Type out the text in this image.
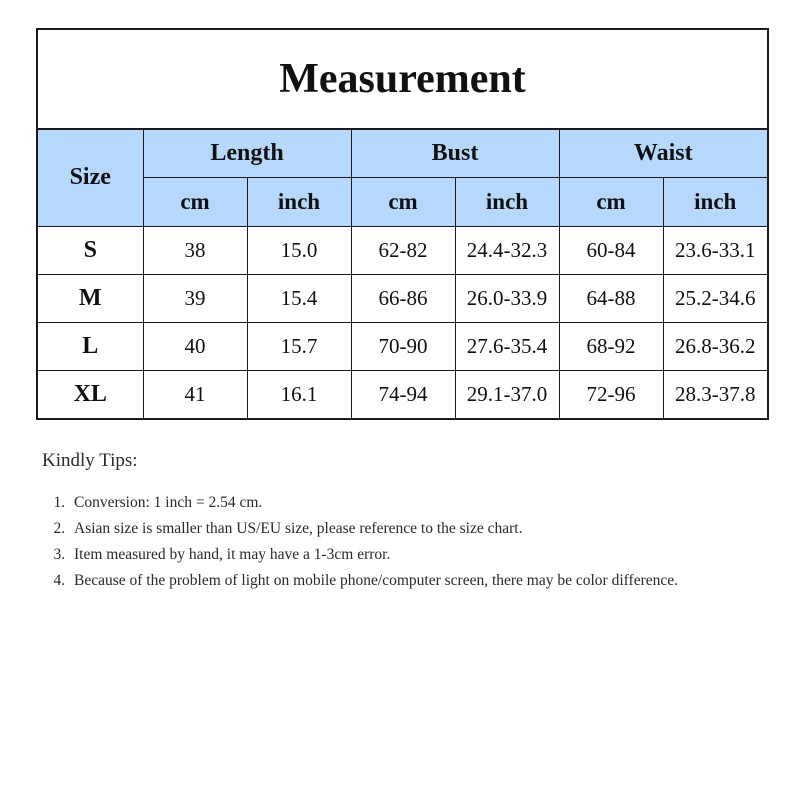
Measurement
Size	Length		Bust		Waist	
	cm	inch	cm	inch	cm	inch
S	38	15.0	62-82	24.4-32.3	60-84	23.6-33.1
M	39	15.4	66-86	26.0-33.9	64-88	25.2-34.6
L	40	15.7	70-90	27.6-35.4	68-92	26.8-36.2
XL	41	16.1	74-94	29.1-37.0	72-96	28.3-37.8
Kindly Tips:
1. Conversion: 1 inch = 2.54 cm.
2. Asian size is smaller than US/EU size, please reference to the size chart.
3. Item measured by hand, it may have a 1-3cm error.
4. Because of the problem of light on mobile phone/computer screen, there may be color difference.
